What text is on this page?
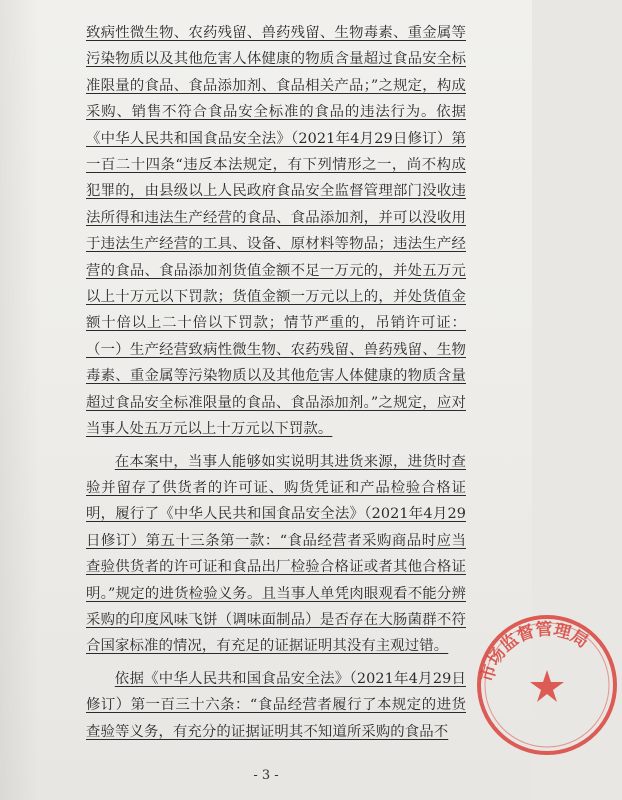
致病性微生物、农药残留、兽药残留、生物毒素、重金属等污染物质以及其他危害人体健康的物质含量超过食品安全标准限量的食品、食品添加剂、食品相关产品；”之规定，构成采购、销售不符合食品安全标准的食品的违法行为。依据《中华人民共和国食品安全法》（2021年4月29日修订）第一百二十四条“违反本法规定，有下列情形之一，尚不构成犯罪的，由县级以上人民政府食品安全监督管理部门没收违法所得和违法生产经营的食品、食品添加剂，并可以没收用于违法生产经营的工具、设备、原材料等物品；违法生产经营的食品、食品添加剂货值金额不足一万元的，并处五万元以上十万元以下罚款；货值金额一万元以上的，并处货值金额十倍以上二十倍以下罚款；情节严重的，吊销许可证：（一）生产经营致病性微生物、农药残留、兽药残留、生物毒素、重金属等污染物质以及其他危害人体健康的物质含量超过食品安全标准限量的食品、食品添加剂。”之规定，应对当事人处五万元以上十万元以下罚款。

在本案中，当事人能够如实说明其进货来源，进货时查验并留存了供货者的许可证、购货凭证和产品检验合格证明，履行了《中华人民共和国食品安全法》（2021年4月29日修订）第五十三条第一款：“食品经营者采购商品时应当查验供货者的许可证和食品出厂检验合格证或者其他合格证明。”规定的进货检验义务。且当事人单凭肉眼观看不能分辨采购的印度风味飞饼（调味面制品）是否存在大肠菌群不符合国家标准的情况，有充足的证据证明其没有主观过错。

依据《中华人民共和国食品安全法》（2021年4月29日修订）第一百三十六条：“食品经营者履行了本规定的进货查验等义务，有充分的证据证明其不知道所采购的食品不

市场监督管理局
- 3 -
